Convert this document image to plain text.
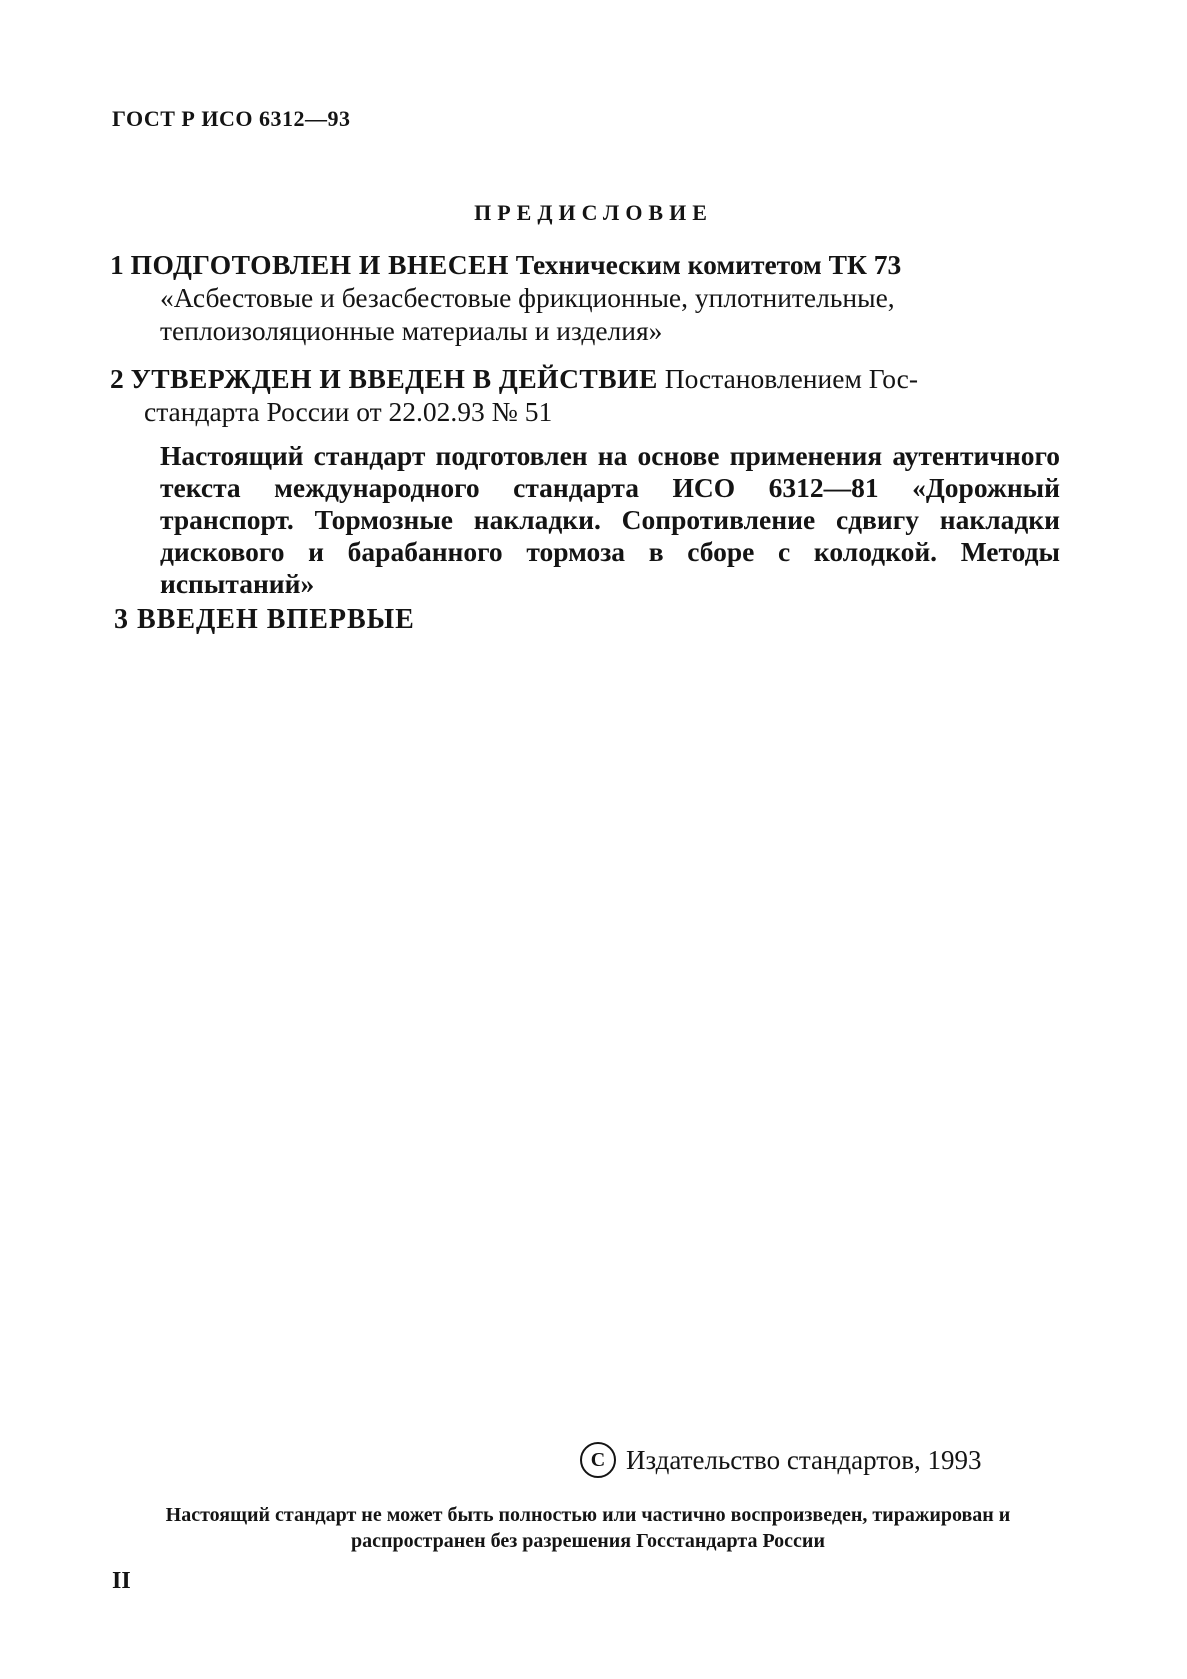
ГОСТ Р ИСО 6312—93

ПРЕДИСЛОВИЕ

1 ПОДГОТОВЛЕН И ВНЕСЕН Техническим комитетом ТК 73
«Асбестовые и безасбестовые фрикционные, уплотнительные, теплоизоляционные материалы и изделия»

2 УТВЕРЖДЕН И ВВЕДЕН В ДЕЙСТВИЕ Постановлением Гос-
стандарта России от 22.02.93 № 51

Настоящий стандарт подготовлен на основе применения аутентичного текста международного стандарта ИСО 6312—81 «Дорожный транспорт. Тормозные накладки. Сопротивление сдвигу накладки дискового и барабанного тормоза в сборе с колодкой. Методы испытаний»

3 ВВЕДЕН ВПЕРВЫЕ

C Издательство стандартов, 1993

Настоящий стандарт не может быть полностью или частично воспроизведен, тиражирован и распространен без разрешения Госстандарта России

II
